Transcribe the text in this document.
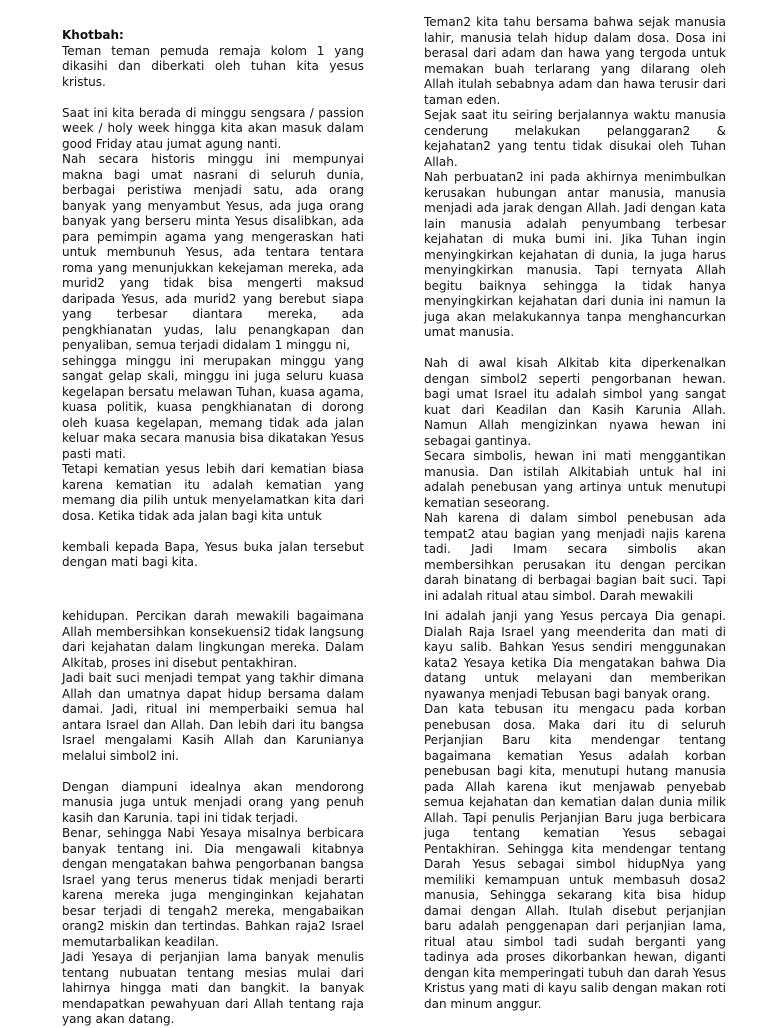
Khotbah:

Teman teman pemuda remaja kolom 1 yang dikasihi dan diberkati oleh tuhan kita yesus kristus.

Saat ini kita berada di minggu sengsara / passion week / holy week hingga kita akan masuk dalam good Friday atau jumat agung nanti.

Nah secara historis minggu ini mempunyai makna bagi umat nasrani di seluruh dunia, berbagai peristiwa menjadi satu, ada orang banyak yang menyambut Yesus, ada juga orang banyak yang berseru minta Yesus disalibkan, ada para pemimpin agama yang mengeraskan hati untuk membunuh Yesus, ada tentara tentara roma yang menunjukkan kekejaman mereka, ada murid2 yang tidak bisa mengerti maksud daripada Yesus, ada murid2 yang berebut siapa yang terbesar diantara mereka, ada pengkhianatan yudas, lalu penangkapan dan penyaliban, semua terjadi didalam 1 minggu ni,

sehingga minggu ini merupakan minggu yang sangat gelap skali, minggu ini juga seluru kuasa kegelapan bersatu melawan Tuhan, kuasa agama, kuasa politik, kuasa pengkhianatan di dorong oleh kuasa kegelapan, memang tidak ada jalan keluar maka secara manusia bisa dikatakan Yesus pasti mati.

Tetapi kematian yesus lebih dari kematian biasa karena kematian itu adalah kematian yang memang dia pilih untuk menyelamatkan kita dari dosa. Ketika tidak ada jalan bagi kita untuk

kembali kepada Bapa, Yesus buka jalan tersebut dengan mati bagi kita.

Teman2 kita tahu bersama bahwa sejak manusia lahir, manusia telah hidup dalam dosa. Dosa ini berasal dari adam dan hawa yang tergoda untuk memakan buah terlarang yang dilarang oleh Allah itulah sebabnya adam dan hawa terusir dari taman eden.

Sejak saat itu seiring berjalannya waktu manusia cenderung melakukan pelanggaran2 & kejahatan2 yang tentu tidak disukai oleh Tuhan Allah.

Nah perbuatan2 ini pada akhirnya menimbulkan kerusakan hubungan antar manusia, manusia menjadi ada jarak dengan Allah. Jadi dengan kata lain manusia adalah penyumbang terbesar kejahatan di muka bumi ini. Jika Tuhan ingin menyingkirkan kejahatan di dunia, Ia juga harus menyingkirkan manusia. Tapi ternyata Allah begitu baiknya sehingga Ia tidak hanya menyingkirkan kejahatan dari dunia ini namun Ia juga akan melakukannya tanpa menghancurkan umat manusia.

Nah di awal kisah Alkitab kita diperkenalkan dengan simbol2 seperti pengorbanan hewan. bagi umat Israel itu adalah simbol yang sangat kuat dari Keadilan dan Kasih Karunia Allah. Namun Allah mengizinkan nyawa hewan ini sebagai gantinya.

Secara simbolis, hewan ini mati menggantikan manusia. Dan istilah Alkitabiah untuk hal ini adalah penebusan yang artinya untuk menutupi kematian seseorang.

Nah karena di dalam simbol penebusan ada tempat2 atau bagian yang menjadi najis karena tadi. Jadi Imam secara simbolis akan membersihkan perusakan itu dengan percikan darah binatang di berbagai bagian bait suci. Tapi ini adalah ritual atau simbol. Darah mewakili

kehidupan. Percikan darah mewakili bagaimana Allah membersihkan konsekuensi2 tidak langsung dari kejahatan dalam lingkungan mereka. Dalam Alkitab, proses ini disebut pentakhiran.

Jadi bait suci menjadi tempat yang takhir dimana Allah dan umatnya dapat hidup bersama dalam damai. Jadi, ritual ini memperbaiki semua hal antara Israel dan Allah. Dan lebih dari itu bangsa Israel mengalami Kasih Allah dan Karunianya melalui simbol2 ini.

Dengan diampuni idealnya akan mendorong manusia juga untuk menjadi orang yang penuh kasih dan Karunia. tapi ini tidak terjadi.

Benar, sehingga Nabi Yesaya misalnya berbicara banyak tentang ini. Dia mengawali kitabnya dengan mengatakan bahwa pengorbanan bangsa Israel yang terus menerus tidak menjadi berarti karena mereka juga menginginkan kejahatan besar terjadi di tengah2 mereka, mengabaikan orang2 miskin dan tertindas. Bahkan raja2 Israel memutarbalikan keadilan.

Jadi Yesaya di perjanjian lama banyak menulis tentang nubuatan tentang mesias mulai dari lahirnya hingga mati dan bangkit. Ia banyak mendapatkan pewahyuan dari Allah tentang raja yang akan datang.

Ini adalah janji yang Yesus percaya Dia genapi. Dialah Raja Israel yang meenderita dan mati di kayu salib. Bahkan Yesus sendiri menggunakan kata2 Yesaya ketika Dia mengatakan bahwa Dia datang untuk melayani dan memberikan nyawanya menjadi Tebusan bagi banyak orang.

Dan kata tebusan itu mengacu pada korban penebusan dosa. Maka dari itu di seluruh Perjanjian Baru kita mendengar tentang bagaimana kematian Yesus adalah korban penebusan bagi kita, menutupi hutang manusia pada Allah karena ikut menjawab penyebab semua kejahatan dan kematian dalan dunia milik Allah. Tapi penulis Perjanjian Baru juga berbicara juga tentang kematian Yesus sebagai Pentakhiran. Sehingga kita mendengar tentang Darah Yesus sebagai simbol hidupNya yang memiliki kemampuan untuk membasuh dosa2 manusia, Sehingga sekarang kita bisa hidup damai dengan Allah. Itulah disebut perjanjian baru adalah penggenapan dari perjanjian lama, ritual atau simbol tadi sudah berganti yang tadinya ada proses dikorbankan hewan, diganti dengan kita memperingati tubuh dan darah Yesus Kristus yang mati di kayu salib dengan makan roti dan minum anggur.
